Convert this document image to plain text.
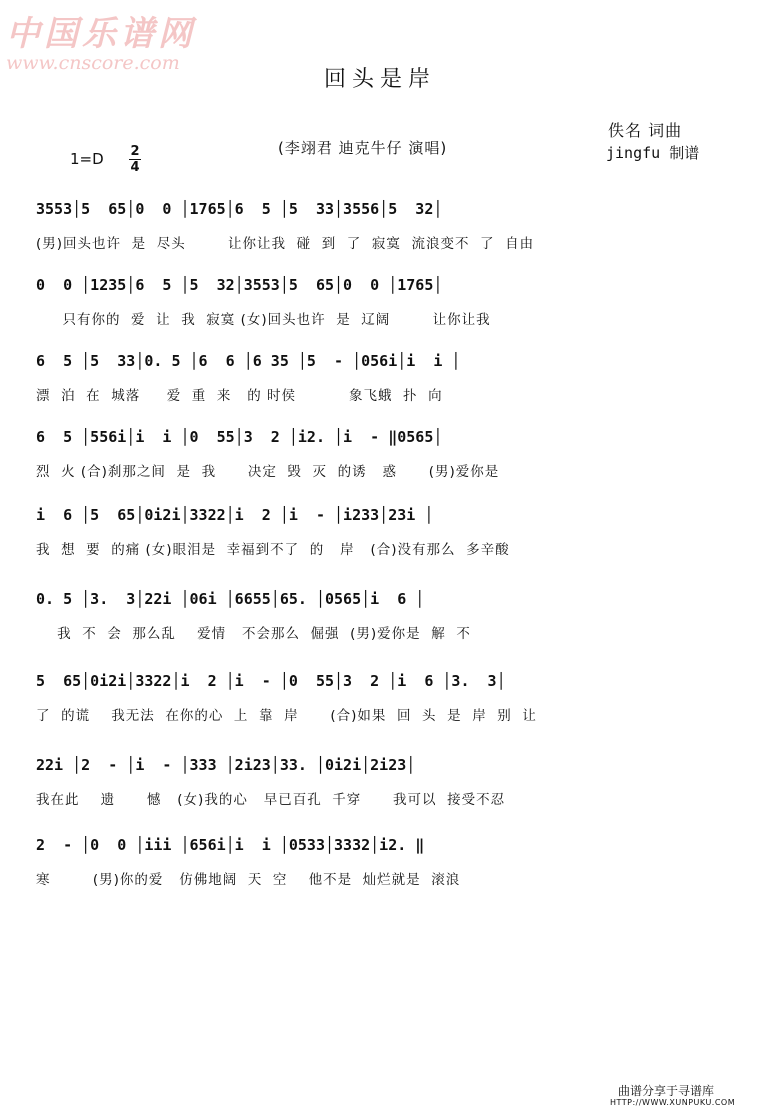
中国乐谱网
www.cnscore.com
回头是岸
佚名 词曲
(李翊君 迪克牛仔 演唱)	jingfu 制谱
1=D 2
4
3553│5  65│0  0 │1765│6  5 │5  33│3556│5  32│
(男)回头也许  是  尽头        让你让我  碰  到  了  寂寞  流浪变不  了  自由
0  0 │1235│6  5 │5  32│3553│5  65│0  0 │1765│
只有你的  爱  让  我  寂寞 (女)回头也许  是  辽阔        让你让我
6  5 │5  33│0. 5 │6  6 │6 35 │5  - │056i│i  i │
漂  泊  在  城落     爱  重  来   的 时侯          象飞蛾  扑  向
6  5 │556i│i  i │0  55│3  2 │i2. │i  - ‖0565│
烈  火 (合)刹那之间  是  我      决定  毁  灭  的诱   惑      (男)爱你是
i  6 │5  65│0i2i│3322│i  2 │i  - │i233│23i │
我  想  要  的痛 (女)眼泪是  幸福到不了  的   岸   (合)没有那么  多辛酸
0. 5 │3.  3│22i │06i │6655│65. │0565│i  6 │
我  不  会  那么乱    爱情   不会那么  倔强  (男)爱你是  解  不
5  65│0i2i│3322│i  2 │i  - │0  55│3  2 │i  6 │3.  3│
了  的谎    我无法  在你的心  上  靠  岸      (合)如果  回  头  是  岸  别  让
22i │2  - │i  - │333 │2i23│33. │0i2i│2i23│
我在此    遗      憾   (女)我的心   早已百孔  千穿      我可以  接受不忍
2  - │0  0 │iii │656i│i  i │0533│3332│i2. ‖
寒        (男)你的爱   仿佛地阔  天  空    他不是  灿烂就是  滚浪
曲谱分享于寻谱库
HTTP://WWW.XUNPUKU.COM
